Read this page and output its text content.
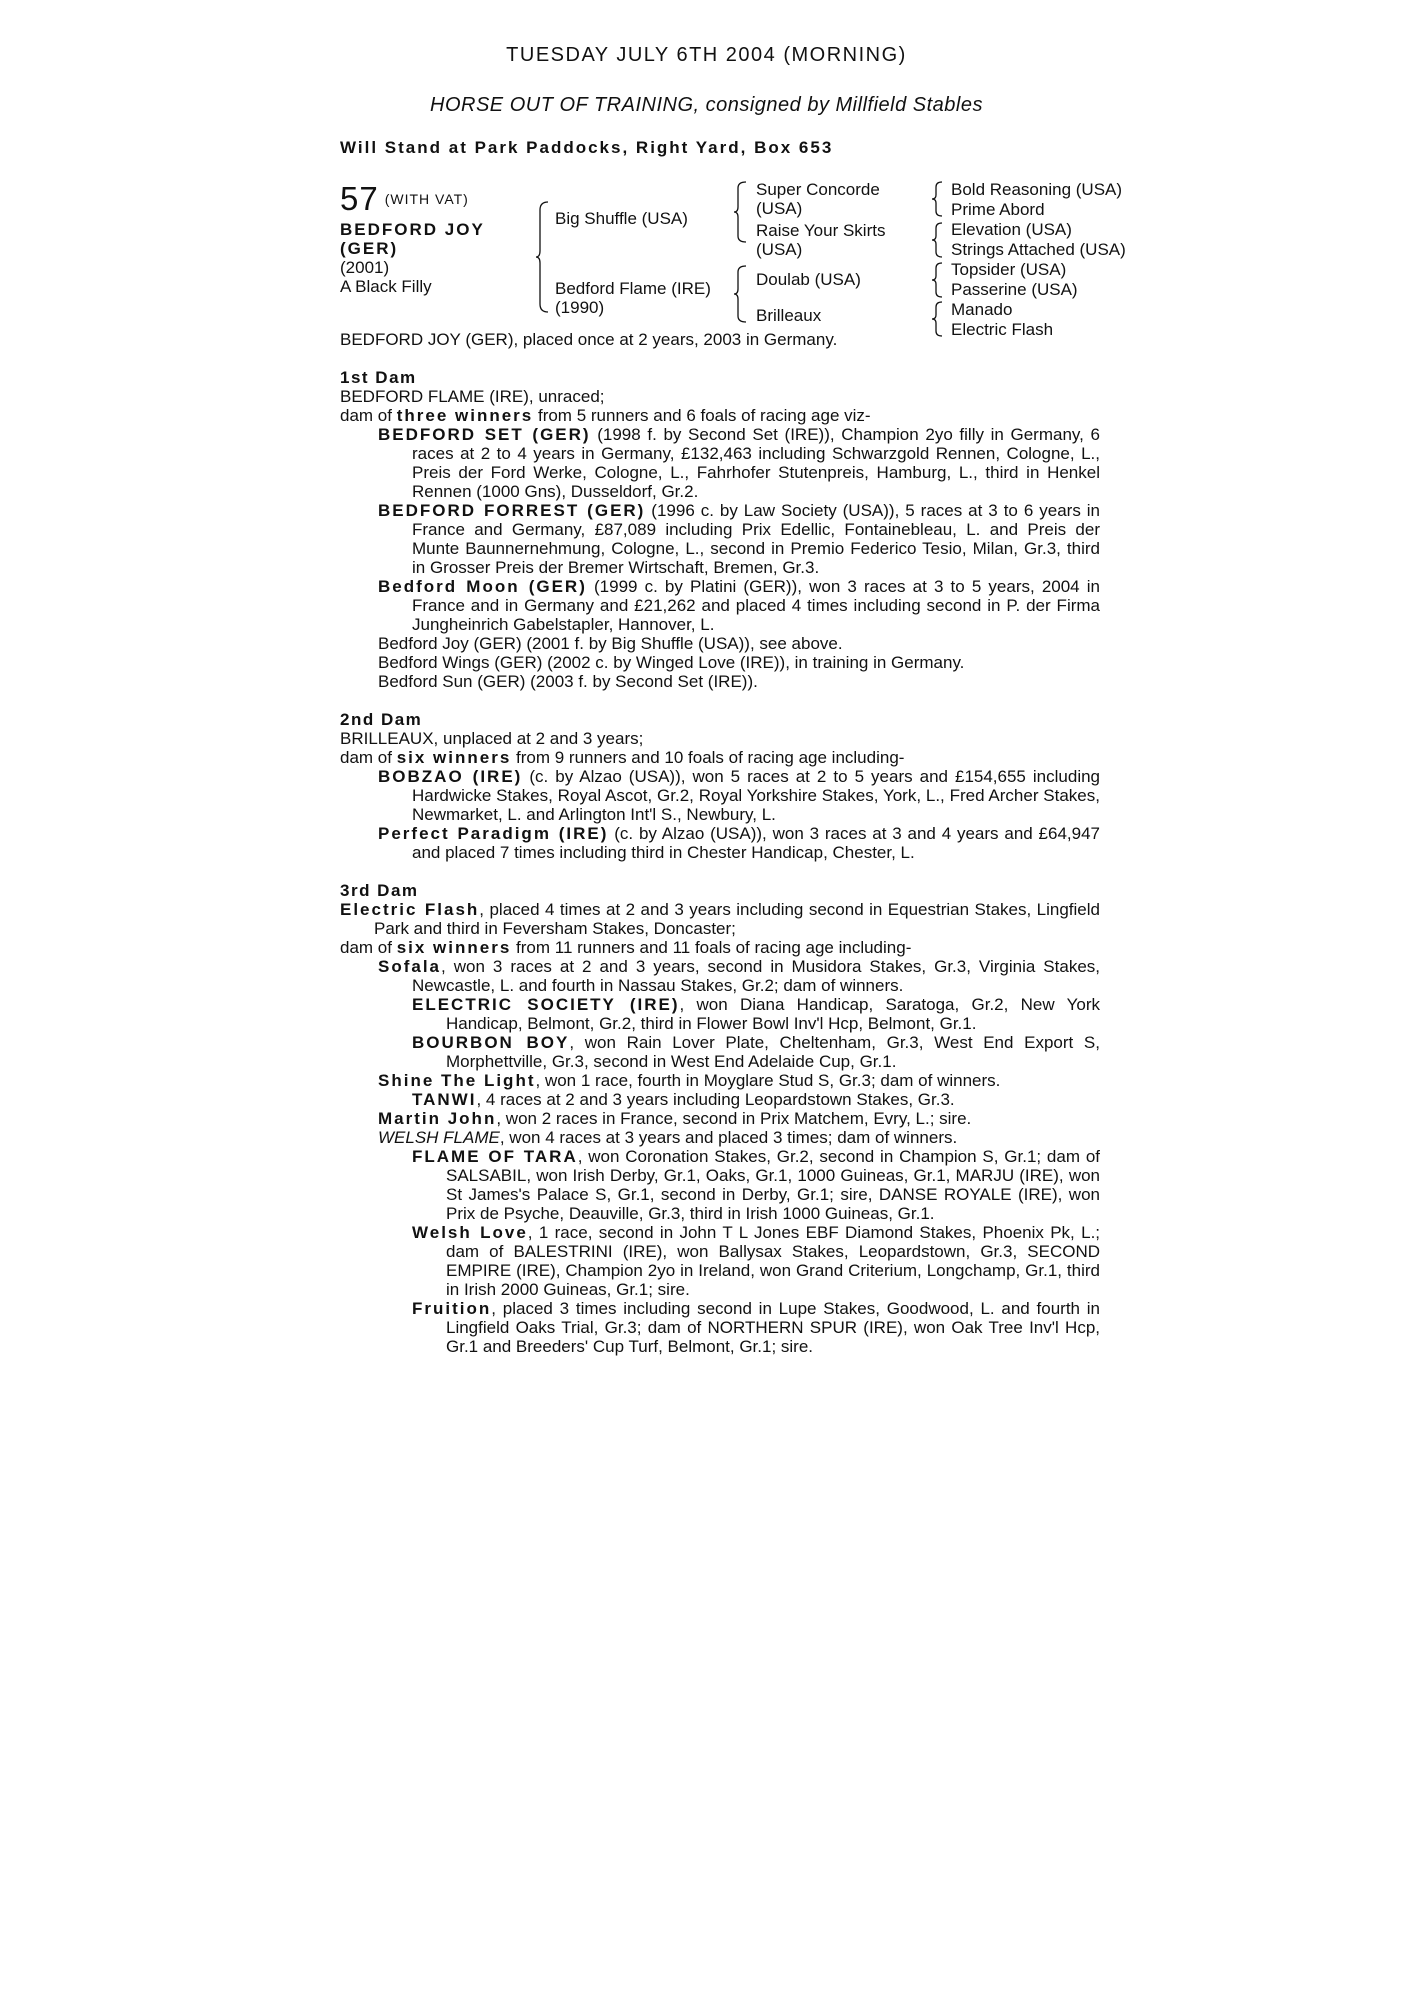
TUESDAY JULY 6TH 2004 (MORNING)
HORSE OUT OF TRAINING, consigned by Millfield Stables
Will Stand at Park Paddocks, Right Yard, Box 653
57 (WITH VAT)
BEDFORD JOY
(GER)
(2001)
A Black Filly
Big Shuffle (USA)
Bedford Flame (IRE)
(1990)
Super Concorde
(USA)
Raise Your Skirts
(USA)
Doulab (USA)
Brilleaux
Bold Reasoning (USA)
Prime Abord
Elevation (USA)
Strings Attached (USA)
Topsider (USA)
Passerine (USA)
Manado
Electric Flash

BEDFORD JOY (GER), placed once at 2 years, 2003 in Germany.

1st Dam

BEDFORD FLAME (IRE), unraced;

dam of three winners from 5 runners and 6 foals of racing age viz-

BEDFORD SET (GER) (1998 f. by Second Set (IRE)), Champion 2yo filly in Germany, 6 races at 2 to 4 years in Germany, £132,463 including Schwarzgold Rennen, Cologne, L., Preis der Ford Werke, Cologne, L., Fahrhofer Stutenpreis, Hamburg, L., third in Henkel Rennen (1000 Gns), Dusseldorf, Gr.2.

BEDFORD FORREST (GER) (1996 c. by Law Society (USA)), 5 races at 3 to 6 years in France and Germany, £87,089 including Prix Edellic, Fontainebleau, L. and Preis der Munte Baunnernehmung, Cologne, L., second in Premio Federico Tesio, Milan, Gr.3, third in Grosser Preis der Bremer Wirtschaft, Bremen, Gr.3.

Bedford Moon (GER) (1999 c. by Platini (GER)), won 3 races at 3 to 5 years, 2004 in France and in Germany and £21,262 and placed 4 times including second in P. der Firma Jungheinrich Gabelstapler, Hannover, L.

Bedford Joy (GER) (2001 f. by Big Shuffle (USA)), see above.

Bedford Wings (GER) (2002 c. by Winged Love (IRE)), in training in Germany.

Bedford Sun (GER) (2003 f. by Second Set (IRE)).

2nd Dam

BRILLEAUX, unplaced at 2 and 3 years;

dam of six winners from 9 runners and 10 foals of racing age including-

BOBZAO (IRE) (c. by Alzao (USA)), won 5 races at 2 to 5 years and £154,655 including Hardwicke Stakes, Royal Ascot, Gr.2, Royal Yorkshire Stakes, York, L., Fred Archer Stakes, Newmarket, L. and Arlington Int'l S., Newbury, L.

Perfect Paradigm (IRE) (c. by Alzao (USA)), won 3 races at 3 and 4 years and £64,947 and placed 7 times including third in Chester Handicap, Chester, L.

3rd Dam

Electric Flash, placed 4 times at 2 and 3 years including second in Equestrian Stakes, Lingfield Park and third in Feversham Stakes, Doncaster;

dam of six winners from 11 runners and 11 foals of racing age including-

Sofala, won 3 races at 2 and 3 years, second in Musidora Stakes, Gr.3, Virginia Stakes, Newcastle, L. and fourth in Nassau Stakes, Gr.2; dam of winners.

ELECTRIC SOCIETY (IRE), won Diana Handicap, Saratoga, Gr.2, New York Handicap, Belmont, Gr.2, third in Flower Bowl Inv'l Hcp, Belmont, Gr.1.

BOURBON BOY, won Rain Lover Plate, Cheltenham, Gr.3, West End Export S, Morphettville, Gr.3, second in West End Adelaide Cup, Gr.1.

Shine The Light, won 1 race, fourth in Moyglare Stud S, Gr.3; dam of winners.

TANWI, 4 races at 2 and 3 years including Leopardstown Stakes, Gr.3.

Martin John, won 2 races in France, second in Prix Matchem, Evry, L.; sire.

WELSH FLAME, won 4 races at 3 years and placed 3 times; dam of winners.

FLAME OF TARA, won Coronation Stakes, Gr.2, second in Champion S, Gr.1; dam of SALSABIL, won Irish Derby, Gr.1, Oaks, Gr.1, 1000 Guineas, Gr.1, MARJU (IRE), won St James's Palace S, Gr.1, second in Derby, Gr.1; sire, DANSE ROYALE (IRE), won Prix de Psyche, Deauville, Gr.3, third in Irish 1000 Guineas, Gr.1.

Welsh Love, 1 race, second in John T L Jones EBF Diamond Stakes, Phoenix Pk, L.; dam of BALESTRINI (IRE), won Ballysax Stakes, Leopardstown, Gr.3, SECOND EMPIRE (IRE), Champion 2yo in Ireland, won Grand Criterium, Longchamp, Gr.1, third in Irish 2000 Guineas, Gr.1; sire.

Fruition, placed 3 times including second in Lupe Stakes, Goodwood, L. and fourth in Lingfield Oaks Trial, Gr.3; dam of NORTHERN SPUR (IRE), won Oak Tree Inv'l Hcp, Gr.1 and Breeders' Cup Turf, Belmont, Gr.1; sire.
